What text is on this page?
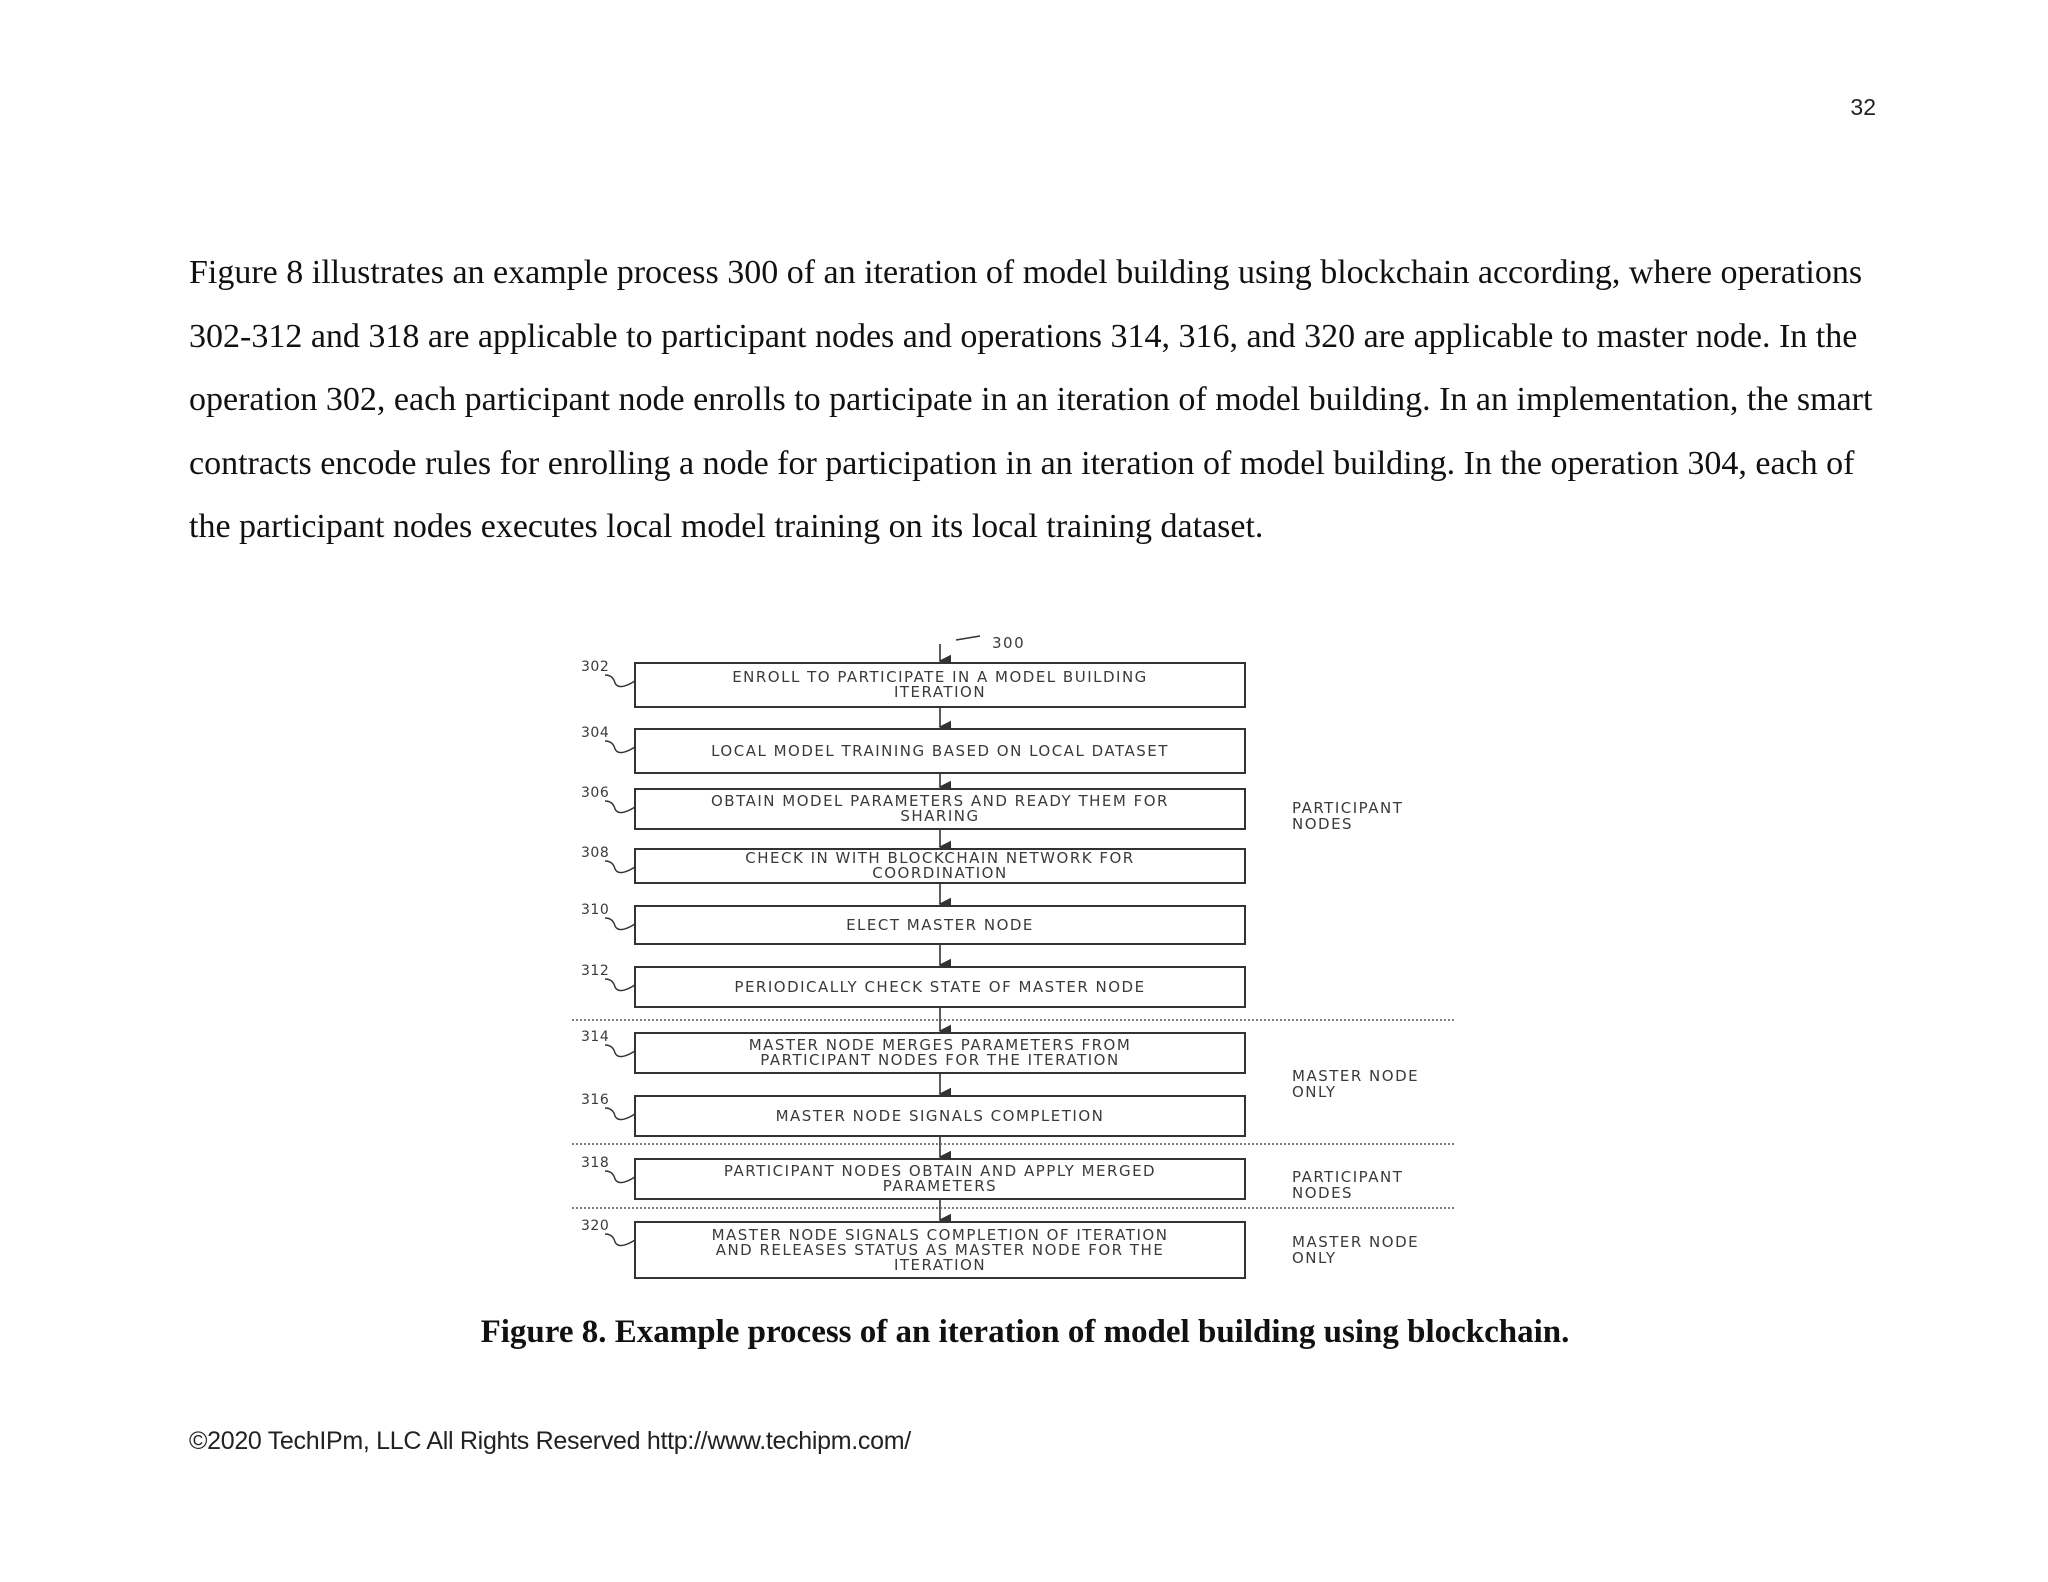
32

Figure 8 illustrates an example process 300 of an iteration of model building using blockchain according, where operations 302-312 and 318 are applicable to participant nodes and operations 314, 316, and 320 are applicable to master node. In the operation 302, each participant node enrolls to participate in an iteration of model building. In an implementation, the smart contracts encode rules for enrolling a node for participation in an iteration of model building. In the operation 304, each of the participant nodes executes local model training on its local training dataset.

300
302
ENROLL TO PARTICIPATE IN A MODEL BUILDING
ITERATION
304
LOCAL MODEL TRAINING BASED ON LOCAL DATASET
306	OBTAIN MODEL PARAMETERS AND READY THEM FOR
SHARING
308	CHECK IN WITH BLOCKCHAIN NETWORK FOR
COORDINATION
310
ELECT MASTER NODE
312
PERIODICALLY CHECK STATE OF MASTER NODE
314	MASTER NODE MERGES PARAMETERS FROM
PARTICIPANT NODES FOR THE ITERATION
316
MASTER NODE SIGNALS COMPLETION
318	PARTICIPANT NODES OBTAIN AND APPLY MERGED
PARAMETERS
320	MASTER NODE SIGNALS COMPLETION OF ITERATION
AND RELEASES STATUS AS MASTER NODE FOR THE
ITERATION
PARTICIPANT
NODES
MASTER NODE
ONLY
PARTICIPANT
NODES
MASTER NODE
ONLY

Figure 8. Example process of an iteration of model building using blockchain.

©2020 TechIPm, LLC All Rights Reserved http://www.techipm.com/
